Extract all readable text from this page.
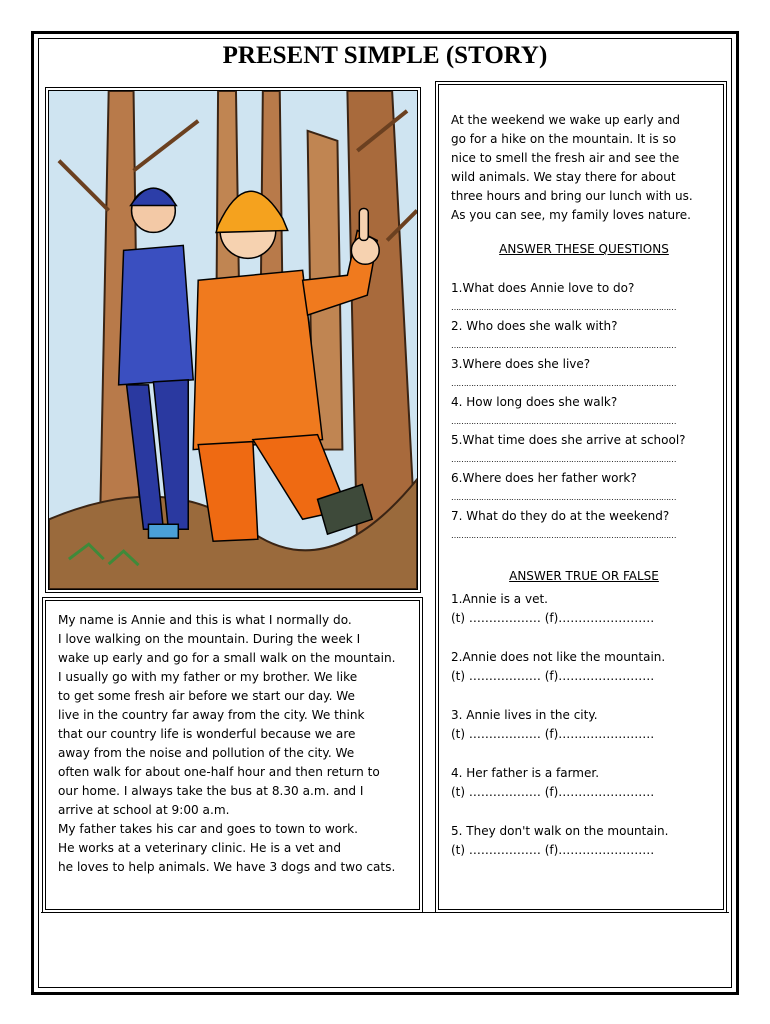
PRESENT SIMPLE (STORY)

My name is Annie and this is what I normally do.

I love walking on the mountain. During the week I

wake up early and go for a small walk on the mountain.

I usually go with my father or my brother. We like

to get some fresh air before we start our day. We

live in the country far away from the city. We think

that our country life is wonderful because we are

away from the noise and pollution of the city. We

often walk for about one-half hour and then return to

our home. I always take the bus at 8.30 a.m. and I

arrive at school at 9:00 a.m.

My father takes his car and goes to town to work.

He works at a veterinary clinic. He is a vet and

he loves to help animals. We have 3 dogs and two cats.

At the weekend we wake up early and

go for a hike on the mountain. It is so

nice to smell the fresh air and see the

wild animals. We stay there for about

three hours and bring our lunch with us.

As you can see, my family loves nature.

ANSWER THESE QUESTIONS

1.What does Annie love to do?

………………………………………………………………………………

2. Who does she walk with?

………………………………………………………………………………

3.Where does she live?

………………………………………………………………………………

4. How long does she walk?

………………………………………………………………………………

5.What time does she arrive at school?

………………………………………………………………………………

6.Where does her father work?

………………………………………………………………………………

7. What do they do at the weekend?

………………………………………………………………………………

ANSWER TRUE OR FALSE

1.Annie is a vet.

(t) ……………… (f)……………………

2.Annie does not like the mountain.

(t) ……………… (f)……………………

3. Annie lives in the city.

(t) ……………… (f)……………………

4. Her father is a farmer.

(t) ……………… (f)……………………

5. They don't walk on the mountain.

(t) ……………… (f)……………………
